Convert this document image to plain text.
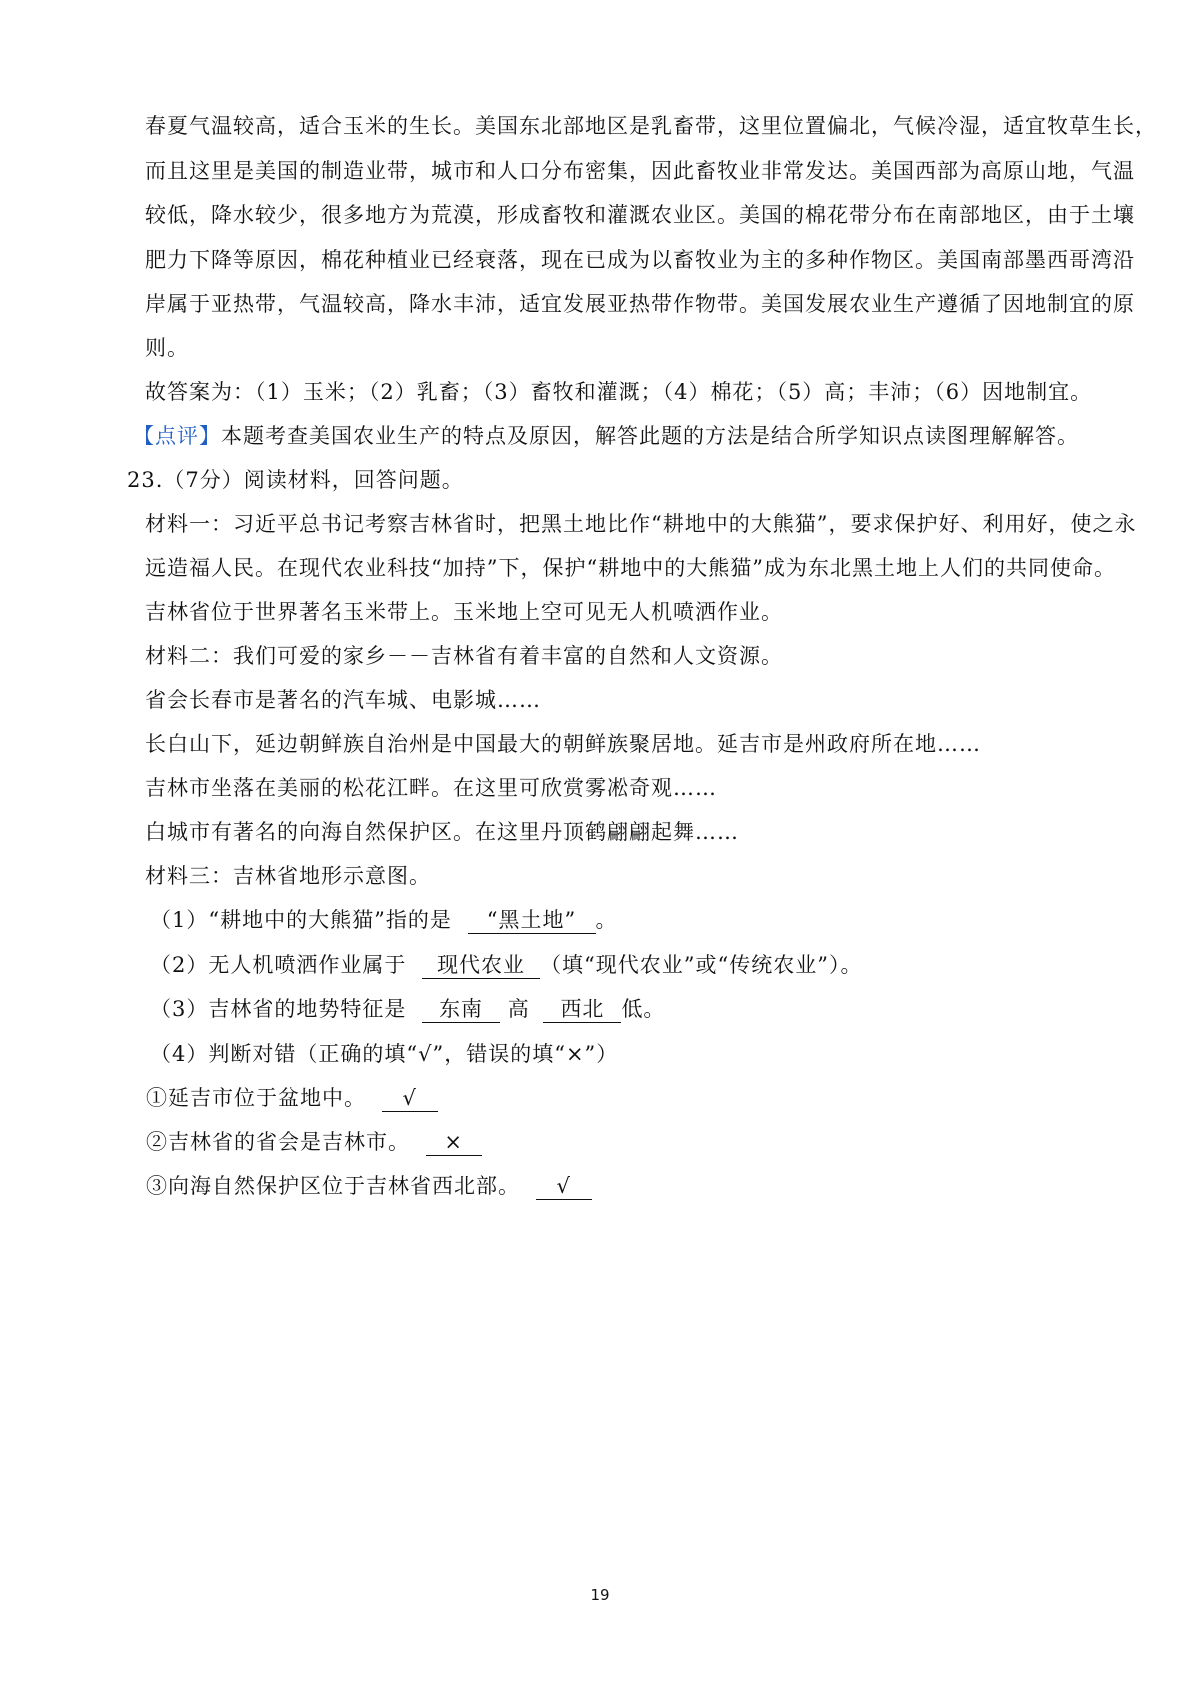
春夏气温较高，适合玉米的生长。美国东北部地区是乳畜带，这里位置偏北，气候冷湿，适宜牧草生长，
而且这里是美国的制造业带，城市和人口分布密集，因此畜牧业非常发达。美国西部为高原山地，气温
较低，降水较少，很多地方为荒漠，形成畜牧和灌溉农业区。美国的棉花带分布在南部地区，由于土壤
肥力下降等原因，棉花种植业已经衰落，现在已成为以畜牧业为主的多种作物区。美国南部墨西哥湾沿
岸属于亚热带，气温较高，降水丰沛，适宜发展亚热带作物带。美国发展农业生产遵循了因地制宜的原
则。
故答案为：（1）玉米；（2）乳畜；（3）畜牧和灌溉；（4）棉花；（5）高；丰沛；（6）因地制宜。
【点评】本题考查美国农业生产的特点及原因，解答此题的方法是结合所学知识点读图理解解答。
23.（7分）阅读材料，回答问题。
材料一：习近平总书记考察吉林省时，把黑土地比作“耕地中的大熊猫”，要求保护好、利用好，使之永
远造福人民。在现代农业科技“加持”下，保护“耕地中的大熊猫”成为东北黑土地上人们的共同使命。
吉林省位于世界著名玉米带上。玉米地上空可见无人机喷洒作业。
材料二：我们可爱的家乡－－吉林省有着丰富的自然和人文资源。
省会长春市是著名的汽车城、电影城……
长白山下，延边朝鲜族自治州是中国最大的朝鲜族聚居地。延吉市是州政府所在地……
吉林市坐落在美丽的松花江畔。在这里可欣赏雾凇奇观……
白城市有著名的向海自然保护区。在这里丹顶鹤翩翩起舞……
材料三：吉林省地形示意图。
（1）“耕地中的大熊猫”指的是 “黑土地” 。
（2）无人机喷洒作业属于 现代农业 （填“现代农业”或“传统农业”）。
（3）吉林省的地势特征是 东南 高 西北 低。
（4）判断对错（正确的填“√”，错误的填“×”）
①延吉市位于盆地中。 √
②吉林省的省会是吉林市。 ×
③向海自然保护区位于吉林省西北部。 √
19
